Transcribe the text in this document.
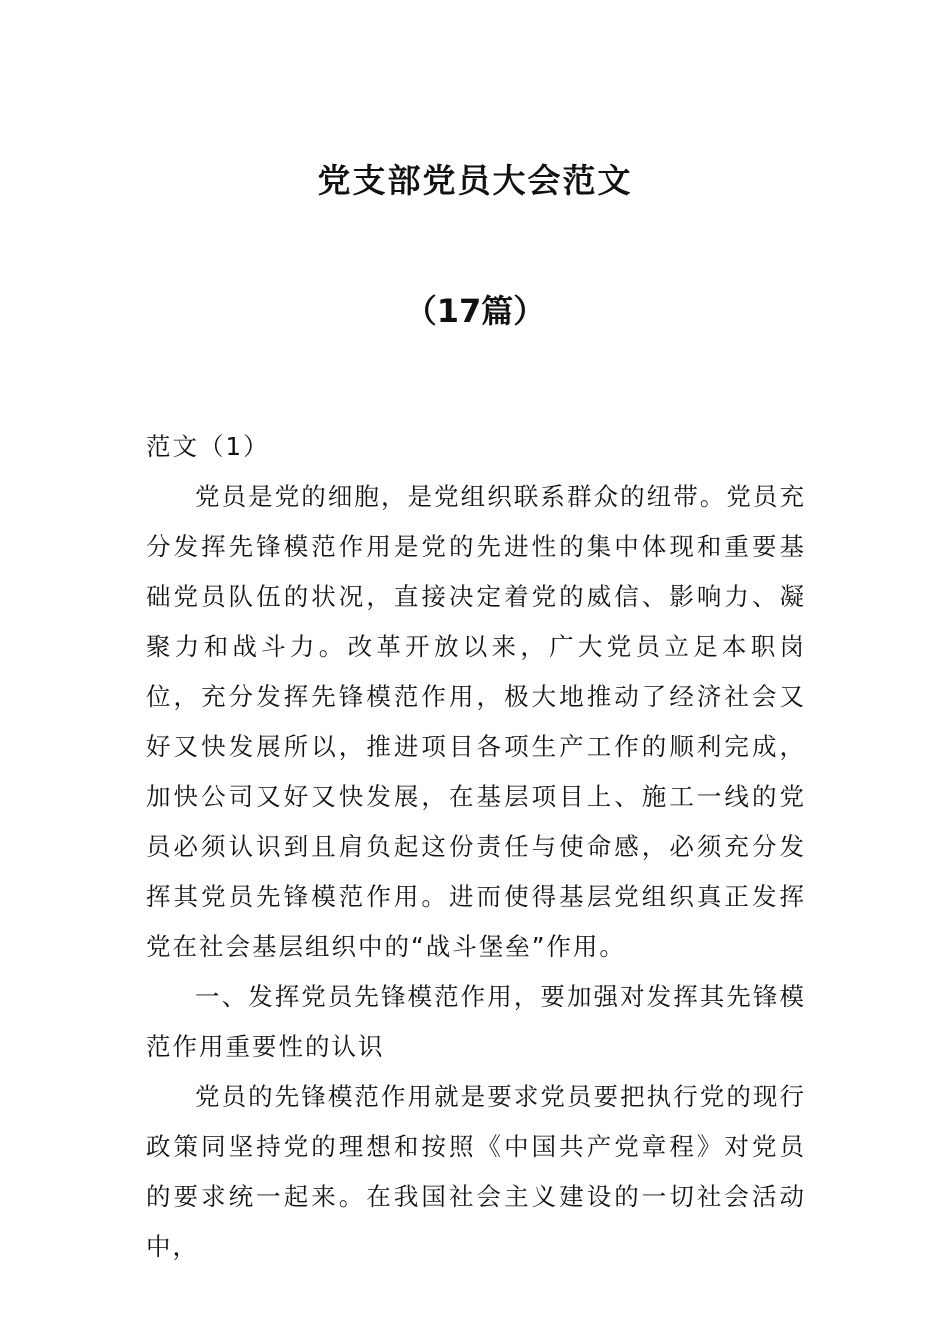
党支部党员大会范文
（17篇）

范文（1）

党员是党的细胞，是党组织联系群众的纽带。党员充分发挥先锋模范作用是党的先进性的集中体现和重要基础党员队伍的状况，直接决定着党的威信、影响力、凝聚力和战斗力。改革开放以来，广大党员立足本职岗位，充分发挥先锋模范作用，极大地推动了经济社会又好又快发展所以，推进项目各项生产工作的顺利完成，加快公司又好又快发展，在基层项目上、施工一线的党员必须认识到且肩负起这份责任与使命感，必须充分发挥其党员先锋模范作用。进而使得基层党组织真正发挥党在社会基层组织中的“战斗堡垒”作用。

一、发挥党员先锋模范作用，要加强对发挥其先锋模范作用重要性的认识

党员的先锋模范作用就是要求党员要把执行党的现行政策同坚持党的理想和按照《中国共产党章程》对党员的要求统一起来。在我国社会主义建设的一切社会活动中，
